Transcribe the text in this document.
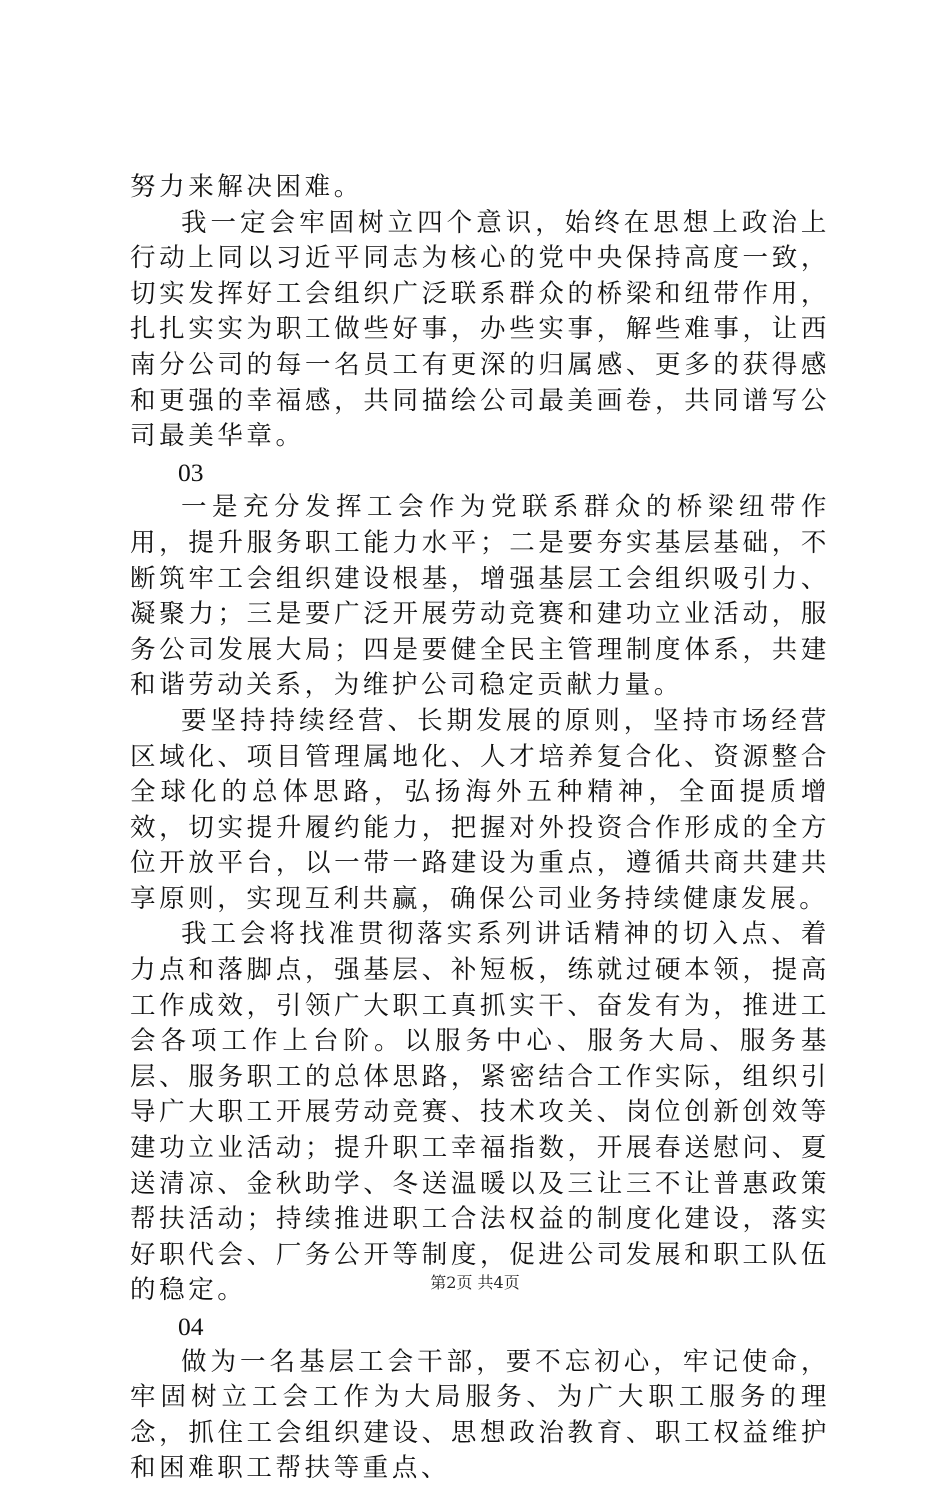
努力来解决困难。

我一定会牢固树立四个意识，始终在思想上政治上行动上同以习近平同志为核心的党中央保持高度一致，切实发挥好工会组织广泛联系群众的桥梁和纽带作用，扎扎实实为职工做些好事，办些实事，解些难事，让西南分公司的每一名员工有更深的归属感、更多的获得感和更强的幸福感，共同描绘公司最美画卷，共同谱写公司最美华章。

03

一是充分发挥工会作为党联系群众的桥梁纽带作用，提升服务职工能力水平；二是要夯实基层基础，不断筑牢工会组织建设根基，增强基层工会组织吸引力、凝聚力；三是要广泛开展劳动竞赛和建功立业活动，服务公司发展大局；四是要健全民主管理制度体系，共建和谐劳动关系，为维护公司稳定贡献力量。

要坚持持续经营、长期发展的原则，坚持市场经营区域化、项目管理属地化、人才培养复合化、资源整合全球化的总体思路，弘扬海外五种精神，全面提质增效，切实提升履约能力，把握对外投资合作形成的全方位开放平台，以一带一路建设为重点，遵循共商共建共享原则，实现互利共赢，确保公司业务持续健康发展。

我工会将找准贯彻落实系列讲话精神的切入点、着力点和落脚点，强基层、补短板，练就过硬本领，提高工作成效，引领广大职工真抓实干、奋发有为，推进工会各项工作上台阶。以服务中心、服务大局、服务基层、服务职工的总体思路，紧密结合工作实际，组织引导广大职工开展劳动竞赛、技术攻关、岗位创新创效等建功立业活动；提升职工幸福指数，开展春送慰问、夏送清凉、金秋助学、冬送温暖以及三让三不让普惠政策帮扶活动；持续推进职工合法权益的制度化建设，落实好职代会、厂务公开等制度，促进公司发展和职工队伍的稳定。

04

做为一名基层工会干部，要不忘初心，牢记使命，牢固树立工会工作为大局服务、为广大职工服务的理念，抓住工会组织建设、思想政治教育、职工权益维护和困难职工帮扶等重点、

第2页 共4页
